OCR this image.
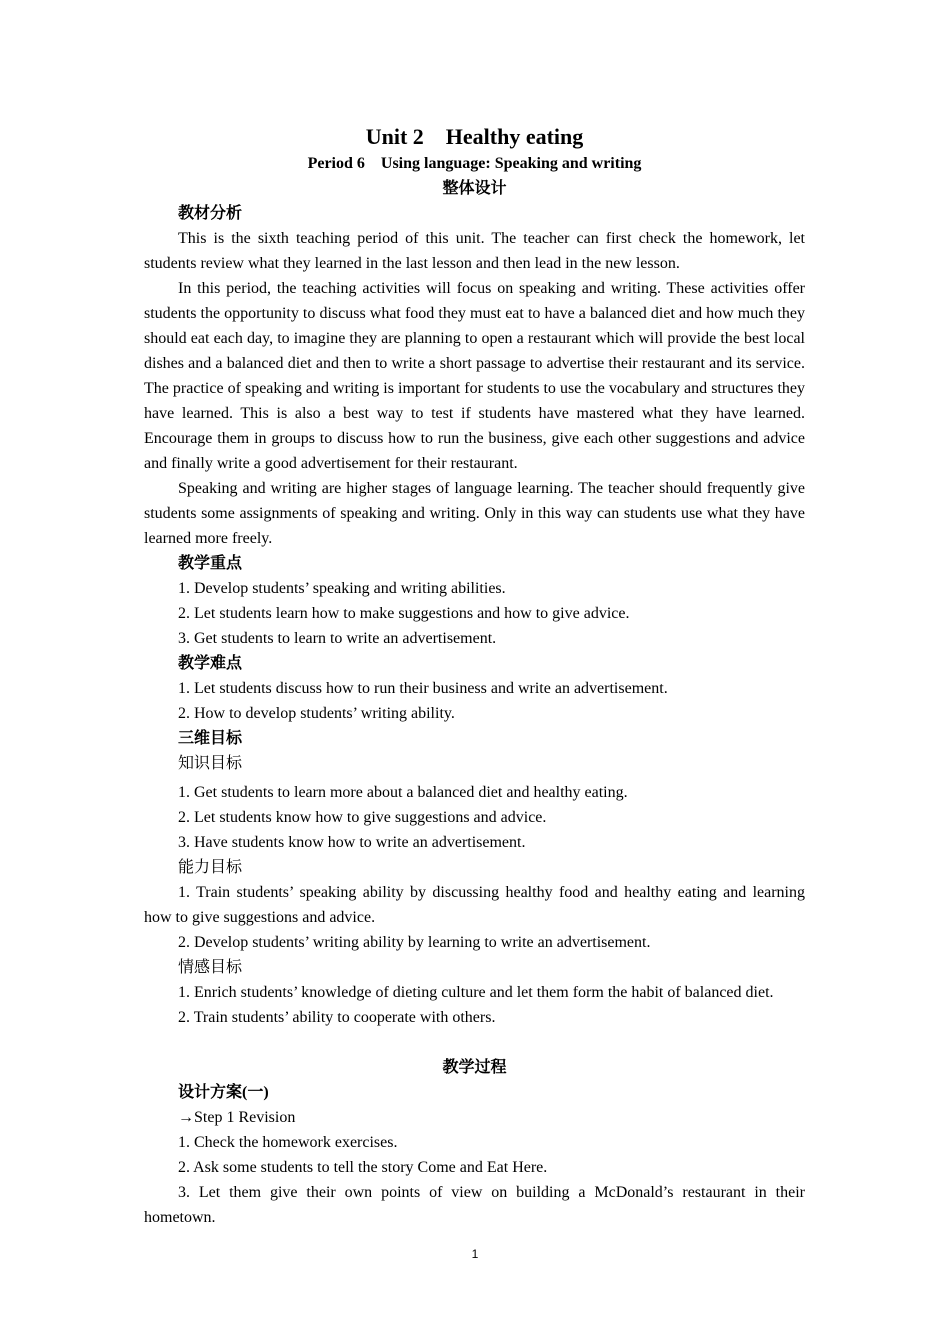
Unit 2　Healthy eating

Period 6　Using language: Speaking and writing

整体设计

教材分析

This is the sixth teaching period of this unit. The teacher can first check the homework, let students review what they learned in the last lesson and then lead in the new lesson.

In this period, the teaching activities will focus on speaking and writing. These activities offer students the opportunity to discuss what food they must eat to have a balanced diet and how much they should eat each day, to imagine they are planning to open a restaurant which will provide the best local dishes and a balanced diet and then to write a short passage to advertise their restaurant and its service. The practice of speaking and writing is important for students to use the vocabulary and structures they have learned. This is also a best way to test if students have mastered what they have learned. Encourage them in groups to discuss how to run the business, give each other suggestions and advice and finally write a good advertisement for their restaurant.

Speaking and writing are higher stages of language learning. The teacher should frequently give students some assignments of speaking and writing. Only in this way can students use what they have learned more freely.

教学重点

1. Develop students’ speaking and writing abilities.

2. Let students learn how to make suggestions and how to give advice.

3. Get students to learn to write an advertisement.

教学难点

1. Let students discuss how to run their business and write an advertisement.

2. How to develop students’ writing ability.

三维目标

知识目标

1. Get students to learn more about a balanced diet and healthy eating.

2. Let students know how to give suggestions and advice.

3. Have students know how to write an advertisement.

能力目标

1. Train students’ speaking ability by discussing healthy food and healthy eating and learning how to give suggestions and advice.

2. Develop students’ writing ability by learning to write an advertisement.

情感目标

1. Enrich students’ knowledge of dieting culture and let them form the habit of balanced diet.

2. Train students’ ability to cooperate with others.

教学过程

设计方案(一)

→Step 1 Revision

1. Check the homework exercises.

2. Ask some students to tell the story Come and Eat Here.

3. Let them give their own points of view on building a McDonald’s restaurant in their hometown.

1
